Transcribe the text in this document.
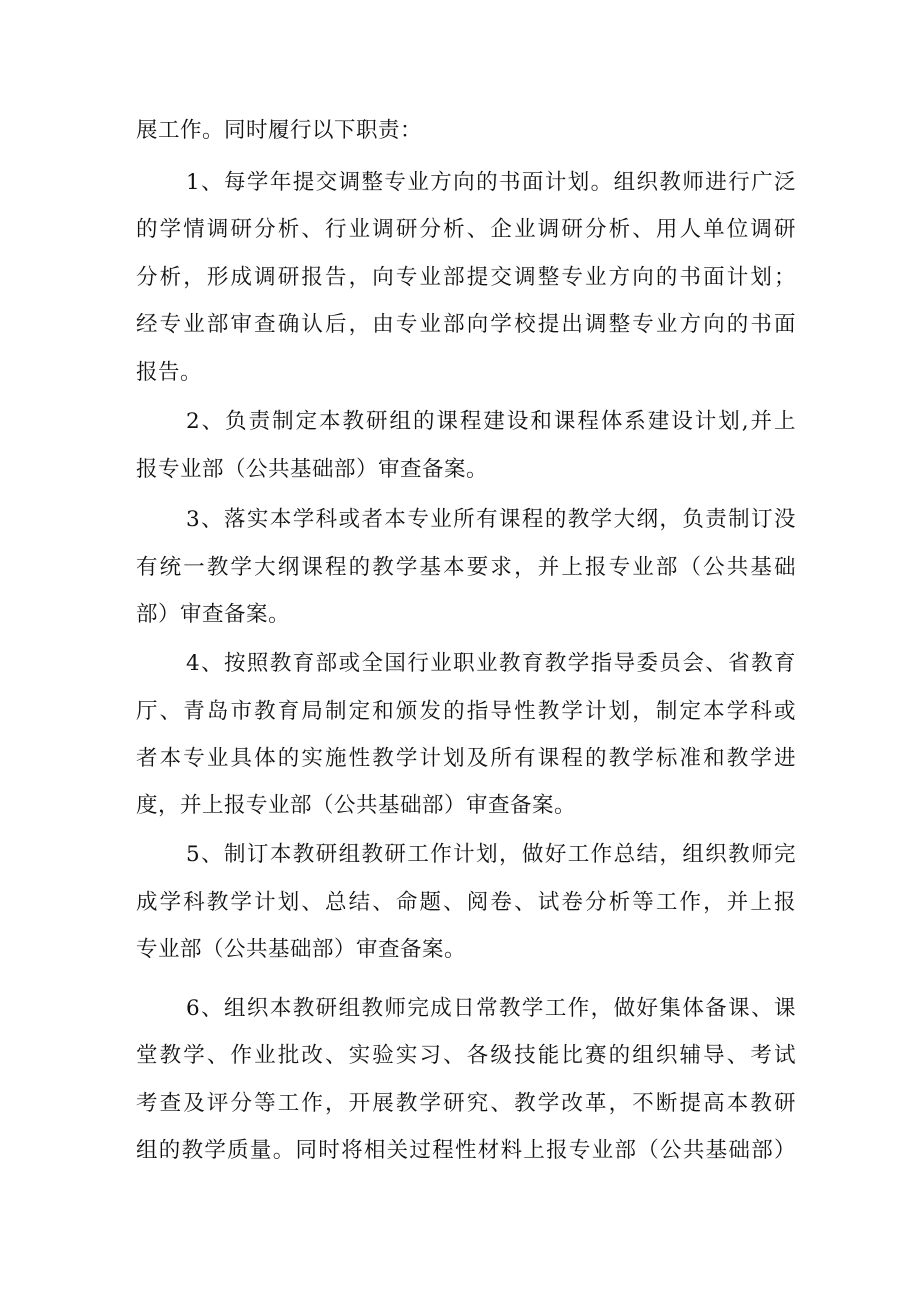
展工作。同时履行以下职责：
1、每学年提交调整专业方向的书面计划。组织教师进行广泛
的学情调研分析、行业调研分析、企业调研分析、用人单位调研
分析，形成调研报告，向专业部提交调整专业方向的书面计划；
经专业部审查确认后，由专业部向学校提出调整专业方向的书面
报告。
2、负责制定本教研组的课程建设和课程体系建设计划,并上
报专业部（公共基础部）审查备案。
3、落实本学科或者本专业所有课程的教学大纲，负责制订没
有统一教学大纲课程的教学基本要求，并上报专业部（公共基础
部）审查备案。
4、按照教育部或全国行业职业教育教学指导委员会、省教育
厅、青岛市教育局制定和颁发的指导性教学计划，制定本学科或
者本专业具体的实施性教学计划及所有课程的教学标准和教学进
度，并上报专业部（公共基础部）审查备案。
5、制订本教研组教研工作计划，做好工作总结，组织教师完
成学科教学计划、总结、命题、阅卷、试卷分析等工作，并上报
专业部（公共基础部）审查备案。
6、组织本教研组教师完成日常教学工作，做好集体备课、课
堂教学、作业批改、实验实习、各级技能比赛的组织辅导、考试
考查及评分等工作，开展教学研究、教学改革，不断提高本教研
组的教学质量。同时将相关过程性材料上报专业部（公共基础部）
